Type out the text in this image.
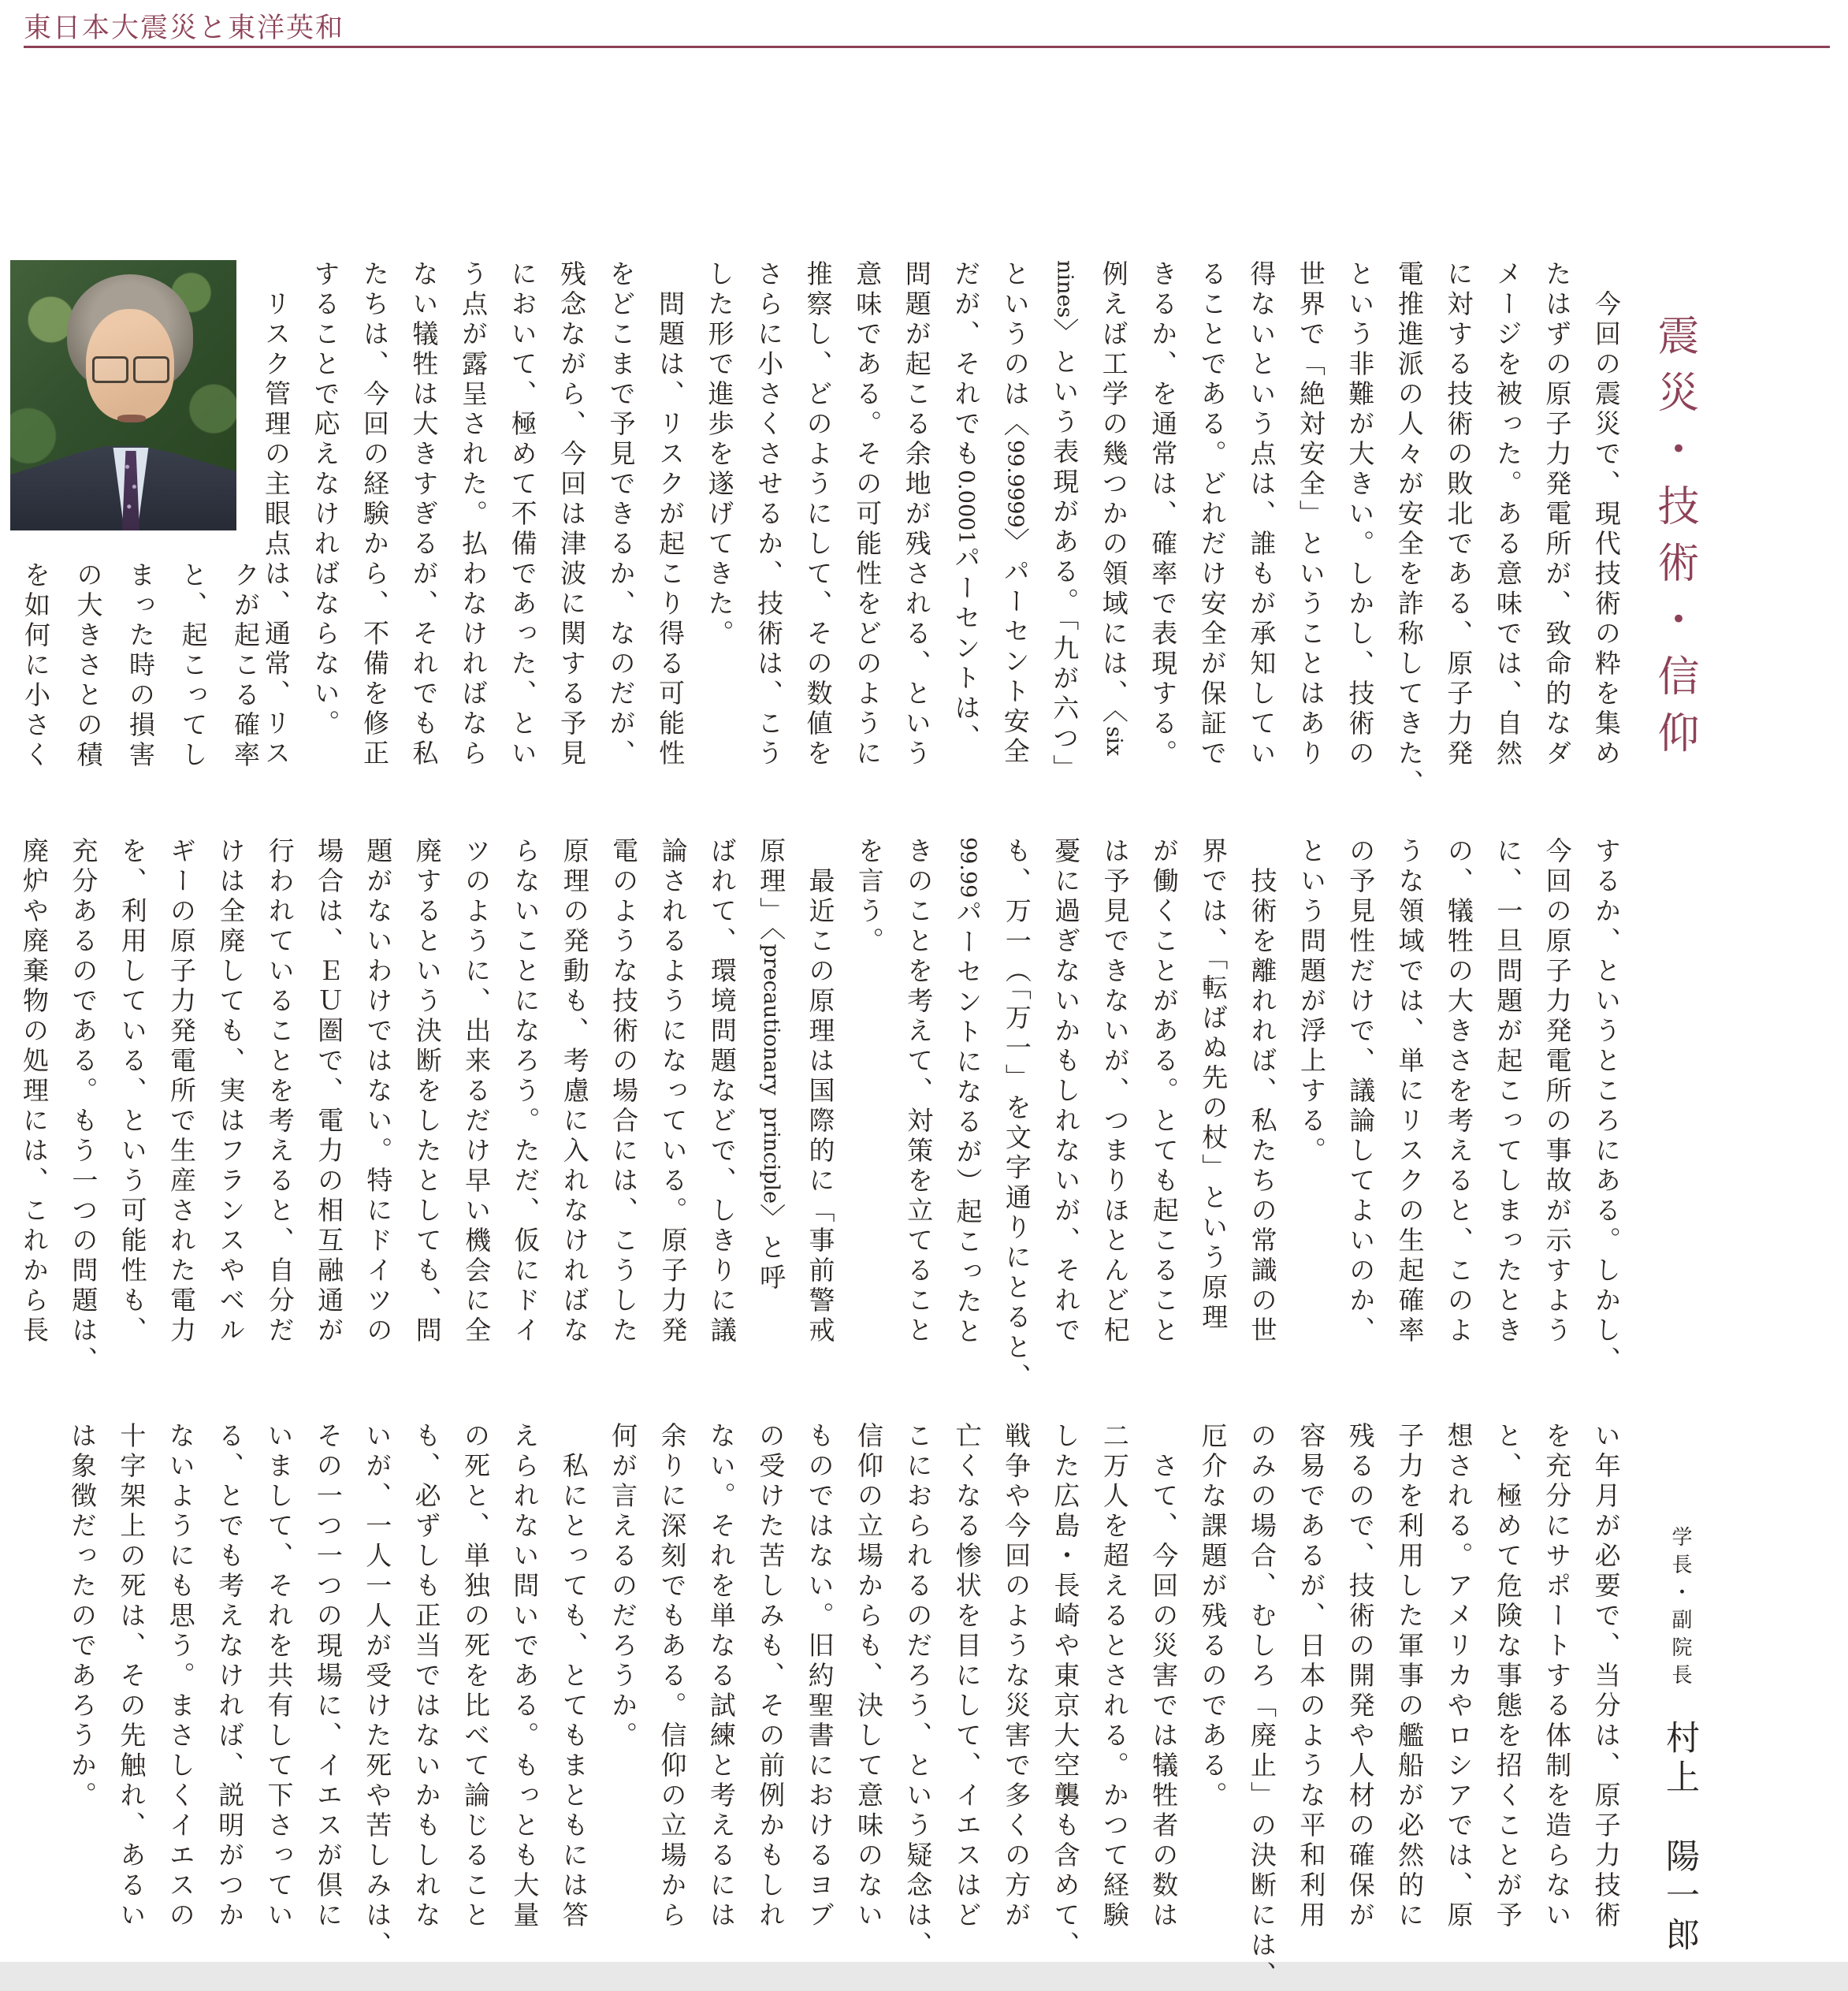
東日本大震災と東洋英和
震災・技術・信仰
学長・副院長村上　陽一郎
　今回の震災で、現代技術の粋を集め
たはずの原子力発電所が、致命的なダ
メージを被った。ある意味では、自然
に対する技術の敗北である、原子力発
電推進派の人々が安全を詐称してきた、
という非難が大きい。しかし、技術の
世界で「絶対安全」ということはあり
得ないという点は、誰もが承知してい
ることである。どれだけ安全が保証で
きるか、を通常は、確率で表現する。
例えば工学の幾つかの領域には、〈six
nines〉という表現がある。「九が六つ」
というのは〈99.9999〉パーセント安全
だが、それでも0.0001パーセントは、
問題が起こる余地が残される、という
意味である。その可能性をどのように
推察し、どのようにして、その数値を
さらに小さくさせるか、技術は、こう
した形で進歩を遂げてきた。
　問題は、リスクが起こり得る可能性
をどこまで予見できるか、なのだが、
残念ながら、今回は津波に関する予見
において、極めて不備であった、とい
う点が露呈された。払わなければなら
ない犠牲は大きすぎるが、それでも私
たちは、今回の経験から、不備を修正
することで応えなければならない。
　リスク管理の主眼点は、通常、リス
クが起こる確率
と、起こってし
まった時の損害
の大きさとの積
を如何に小さく
するか、というところにある。しかし、
今回の原子力発電所の事故が示すよう
に、一旦問題が起こってしまったとき
の、犠牲の大きさを考えると、このよ
うな領域では、単にリスクの生起確率
の予見性だけで、議論してよいのか、
という問題が浮上する。
　技術を離れれば、私たちの常識の世
界では、「転ばぬ先の杖」という原理
が働くことがある。とても起こること
は予見できないが、つまりほとんど杞
憂に過ぎないかもしれないが、それで
も、万一（「万一」を文字通りにとると、
99.99パーセントになるが）起こったと
きのことを考えて、対策を立てること
を言う。
　最近この原理は国際的に「事前警戒
原理」〈precautionary principle〉と呼
ばれて、環境問題などで、しきりに議
論されるようになっている。原子力発
電のような技術の場合には、こうした
原理の発動も、考慮に入れなければな
らないことになろう。ただ、仮にドイ
ツのように、出来るだけ早い機会に全
廃するという決断をしたとしても、問
題がないわけではない。特にドイツの
場合は、ＥＵ圏で、電力の相互融通が
行われていることを考えると、自分だ
けは全廃しても、実はフランスやベル
ギーの原子力発電所で生産された電力
を、利用している、という可能性も、
充分あるのである。もう一つの問題は、
廃炉や廃棄物の処理には、これから長
い年月が必要で、当分は、原子力技術
を充分にサポートする体制を造らない
と、極めて危険な事態を招くことが予
想される。アメリカやロシアでは、原
子力を利用した軍事の艦船が必然的に
残るので、技術の開発や人材の確保が
容易であるが、日本のような平和利用
のみの場合、むしろ「廃止」の決断には、
厄介な課題が残るのである。
　さて、今回の災害では犠牲者の数は
二万人を超えるとされる。かつて経験
した広島・長崎や東京大空襲も含めて、
戦争や今回のような災害で多くの方が
亡くなる惨状を目にして、イエスはど
こにおられるのだろう、という疑念は、
信仰の立場からも、決して意味のない
ものではない。旧約聖書におけるヨブ
の受けた苦しみも、その前例かもしれ
ない。それを単なる試練と考えるには
余りに深刻でもある。信仰の立場から
何が言えるのだろうか。
　私にとっても、とてもまともには答
えられない問いである。もっとも大量
の死と、単独の死を比べて論じること
も、必ずしも正当ではないかもしれな
いが、一人一人が受けた死や苦しみは、
その一つ一つの現場に、イエスが倶に
いまして、それを共有して下さってい
る、とでも考えなければ、説明がつか
ないようにも思う。まさしくイエスの
十字架上の死は、その先触れ、あるい
は象徴だったのであろうか。
